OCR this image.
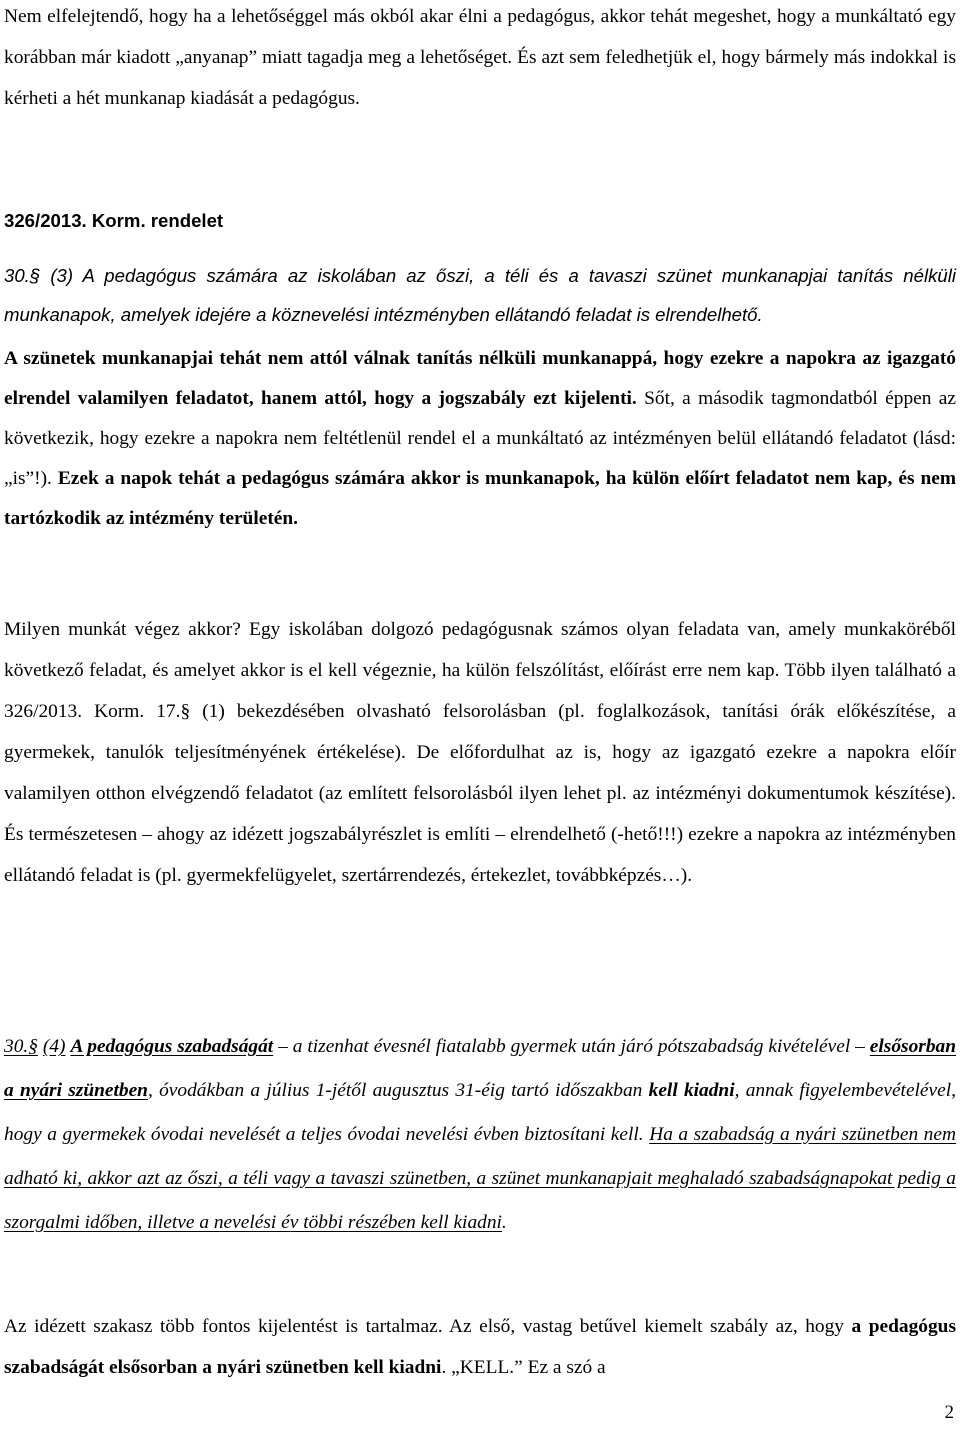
Nem elfelejtendő, hogy ha a lehetőséggel más okból akar élni a pedagógus, akkor tehát megeshet, hogy a munkáltató egy korábban már kiadott „anyanap” miatt tagadja meg a lehetőséget. És azt sem feledhetjük el, hogy bármely más indokkal is kérheti a hét munkanap kiadását a pedagógus.

326/2013. Korm. rendelet

30.§ (3) A pedagógus számára az iskolában az őszi, a téli és a tavaszi szünet munkanapjai tanítás nélküli munkanapok, amelyek idejére a köznevelési intézményben ellátandó feladat is elrendelhető.

A szünetek munkanapjai tehát nem attól válnak tanítás nélküli munkanappá, hogy ezekre a napokra az igazgató elrendel valamilyen feladatot, hanem attól, hogy a jogszabály ezt kijelenti. Sőt, a második tagmondatból éppen az következik, hogy ezekre a napokra nem feltétlenül rendel el a munkáltató az intézményen belül ellátandó feladatot (lásd: „is”!). Ezek a napok tehát a pedagógus számára akkor is munkanapok, ha külön előírt feladatot nem kap, és nem tartózkodik az intézmény területén.

Milyen munkát végez akkor? Egy iskolában dolgozó pedagógusnak számos olyan feladata van, amely munkaköréből következő feladat, és amelyet akkor is el kell végeznie, ha külön felszólítást, előírást erre nem kap. Több ilyen található a 326/2013. Korm. 17.§ (1) bekezdésében olvasható felsorolásban (pl. foglalkozások, tanítási órák előkészítése, a gyermekek, tanulók teljesítményének értékelése). De előfordulhat az is, hogy az igazgató ezekre a napokra előír valamilyen otthon elvégzendő feladatot (az említett felsorolásból ilyen lehet pl. az intézményi dokumentumok készítése). És természetesen – ahogy az idézett jogszabályrészlet is említi – elrendelhető (-hető!!!) ezekre a napokra az intézményben ellátandó feladat is (pl. gyermekfelügyelet, szertárrendezés, értekezlet, továbbképzés…).

30.§ (4) A pedagógus szabadságát – a tizenhat évesnél fiatalabb gyermek után járó pótszabadság kivételével – elsősorban a nyári szünetben, óvodákban a július 1-jétől augusztus 31-éig tartó időszakban kell kiadni, annak figyelembevételével, hogy a gyermekek óvodai nevelését a teljes óvodai nevelési évben biztosítani kell. Ha a szabadság a nyári szünetben nem adható ki, akkor azt az őszi, a téli vagy a tavaszi szünetben, a szünet munkanapjait meghaladó szabadságnapokat pedig a szorgalmi időben, illetve a nevelési év többi részében kell kiadni.

Az idézett szakasz több fontos kijelentést is tartalmaz. Az első, vastag betűvel kiemelt szabály az, hogy a pedagógus szabadságát elsősorban a nyári szünetben kell kiadni. „KELL.” Ez a szó a

2
